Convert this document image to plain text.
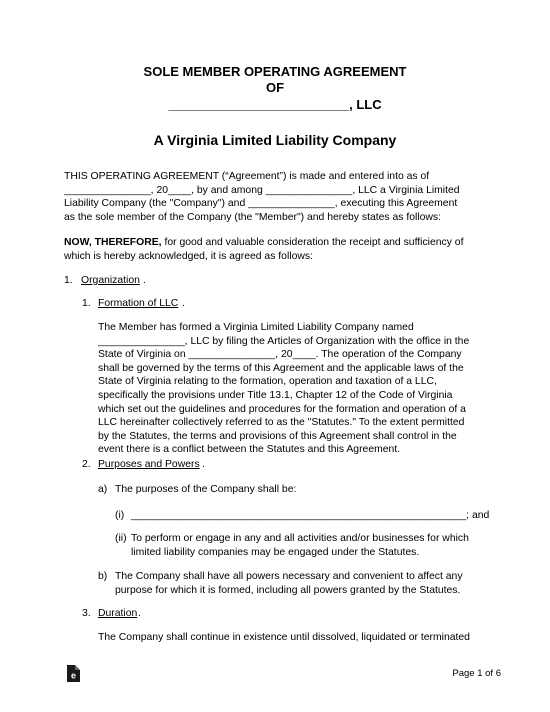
SOLE MEMBER OPERATING AGREEMENT
OF
_________________________, LLC
A Virginia Limited Liability Company
THIS OPERATING AGREEMENT (“Agreement”) is made and entered into as of
_______________, 20____, by and among _______________, LLC a Virginia Limited
Liability Company (the "Company") and _______________, executing this Agreement
as the sole member of the Company (the "Member") and hereby states as follows:
NOW, THEREFORE, for good and valuable consideration the receipt and sufficiency of
which is hereby acknowledged, it is agreed as follows:
1. Organization .
1. Formation of LLC .
The Member has formed a Virginia Limited Liability Company named
_______________, LLC by filing the Articles of Organization with the office in the
State of Virginia on _______________, 20____. The operation of the Company
shall be governed by the terms of this Agreement and the applicable laws of the
State of Virginia relating to the formation, operation and taxation of a LLC,
specifically the provisions under Title 13.1, Chapter 12 of the Code of Virginia
which set out the guidelines and procedures for the formation and operation of a
LLC hereinafter collectively referred to as the "Statutes." To the extent permitted
by the Statutes, the terms and provisions of this Agreement shall control in the
event there is a conflict between the Statutes and this Agreement.
2. Purposes and Powers .
a) The purposes of the Company shall be:
(i) __________________________________________________________; and
(ii) To perform or engage in any and all activities and/or businesses for which
limited liability companies may be engaged under the Statutes.
b) The Company shall have all powers necessary and convenient to affect any
purpose for which it is formed, including all powers granted by the Statutes.
3. Duration .
The Company shall continue in existence until dissolved, liquidated or terminated
e	Page 1 of 6
